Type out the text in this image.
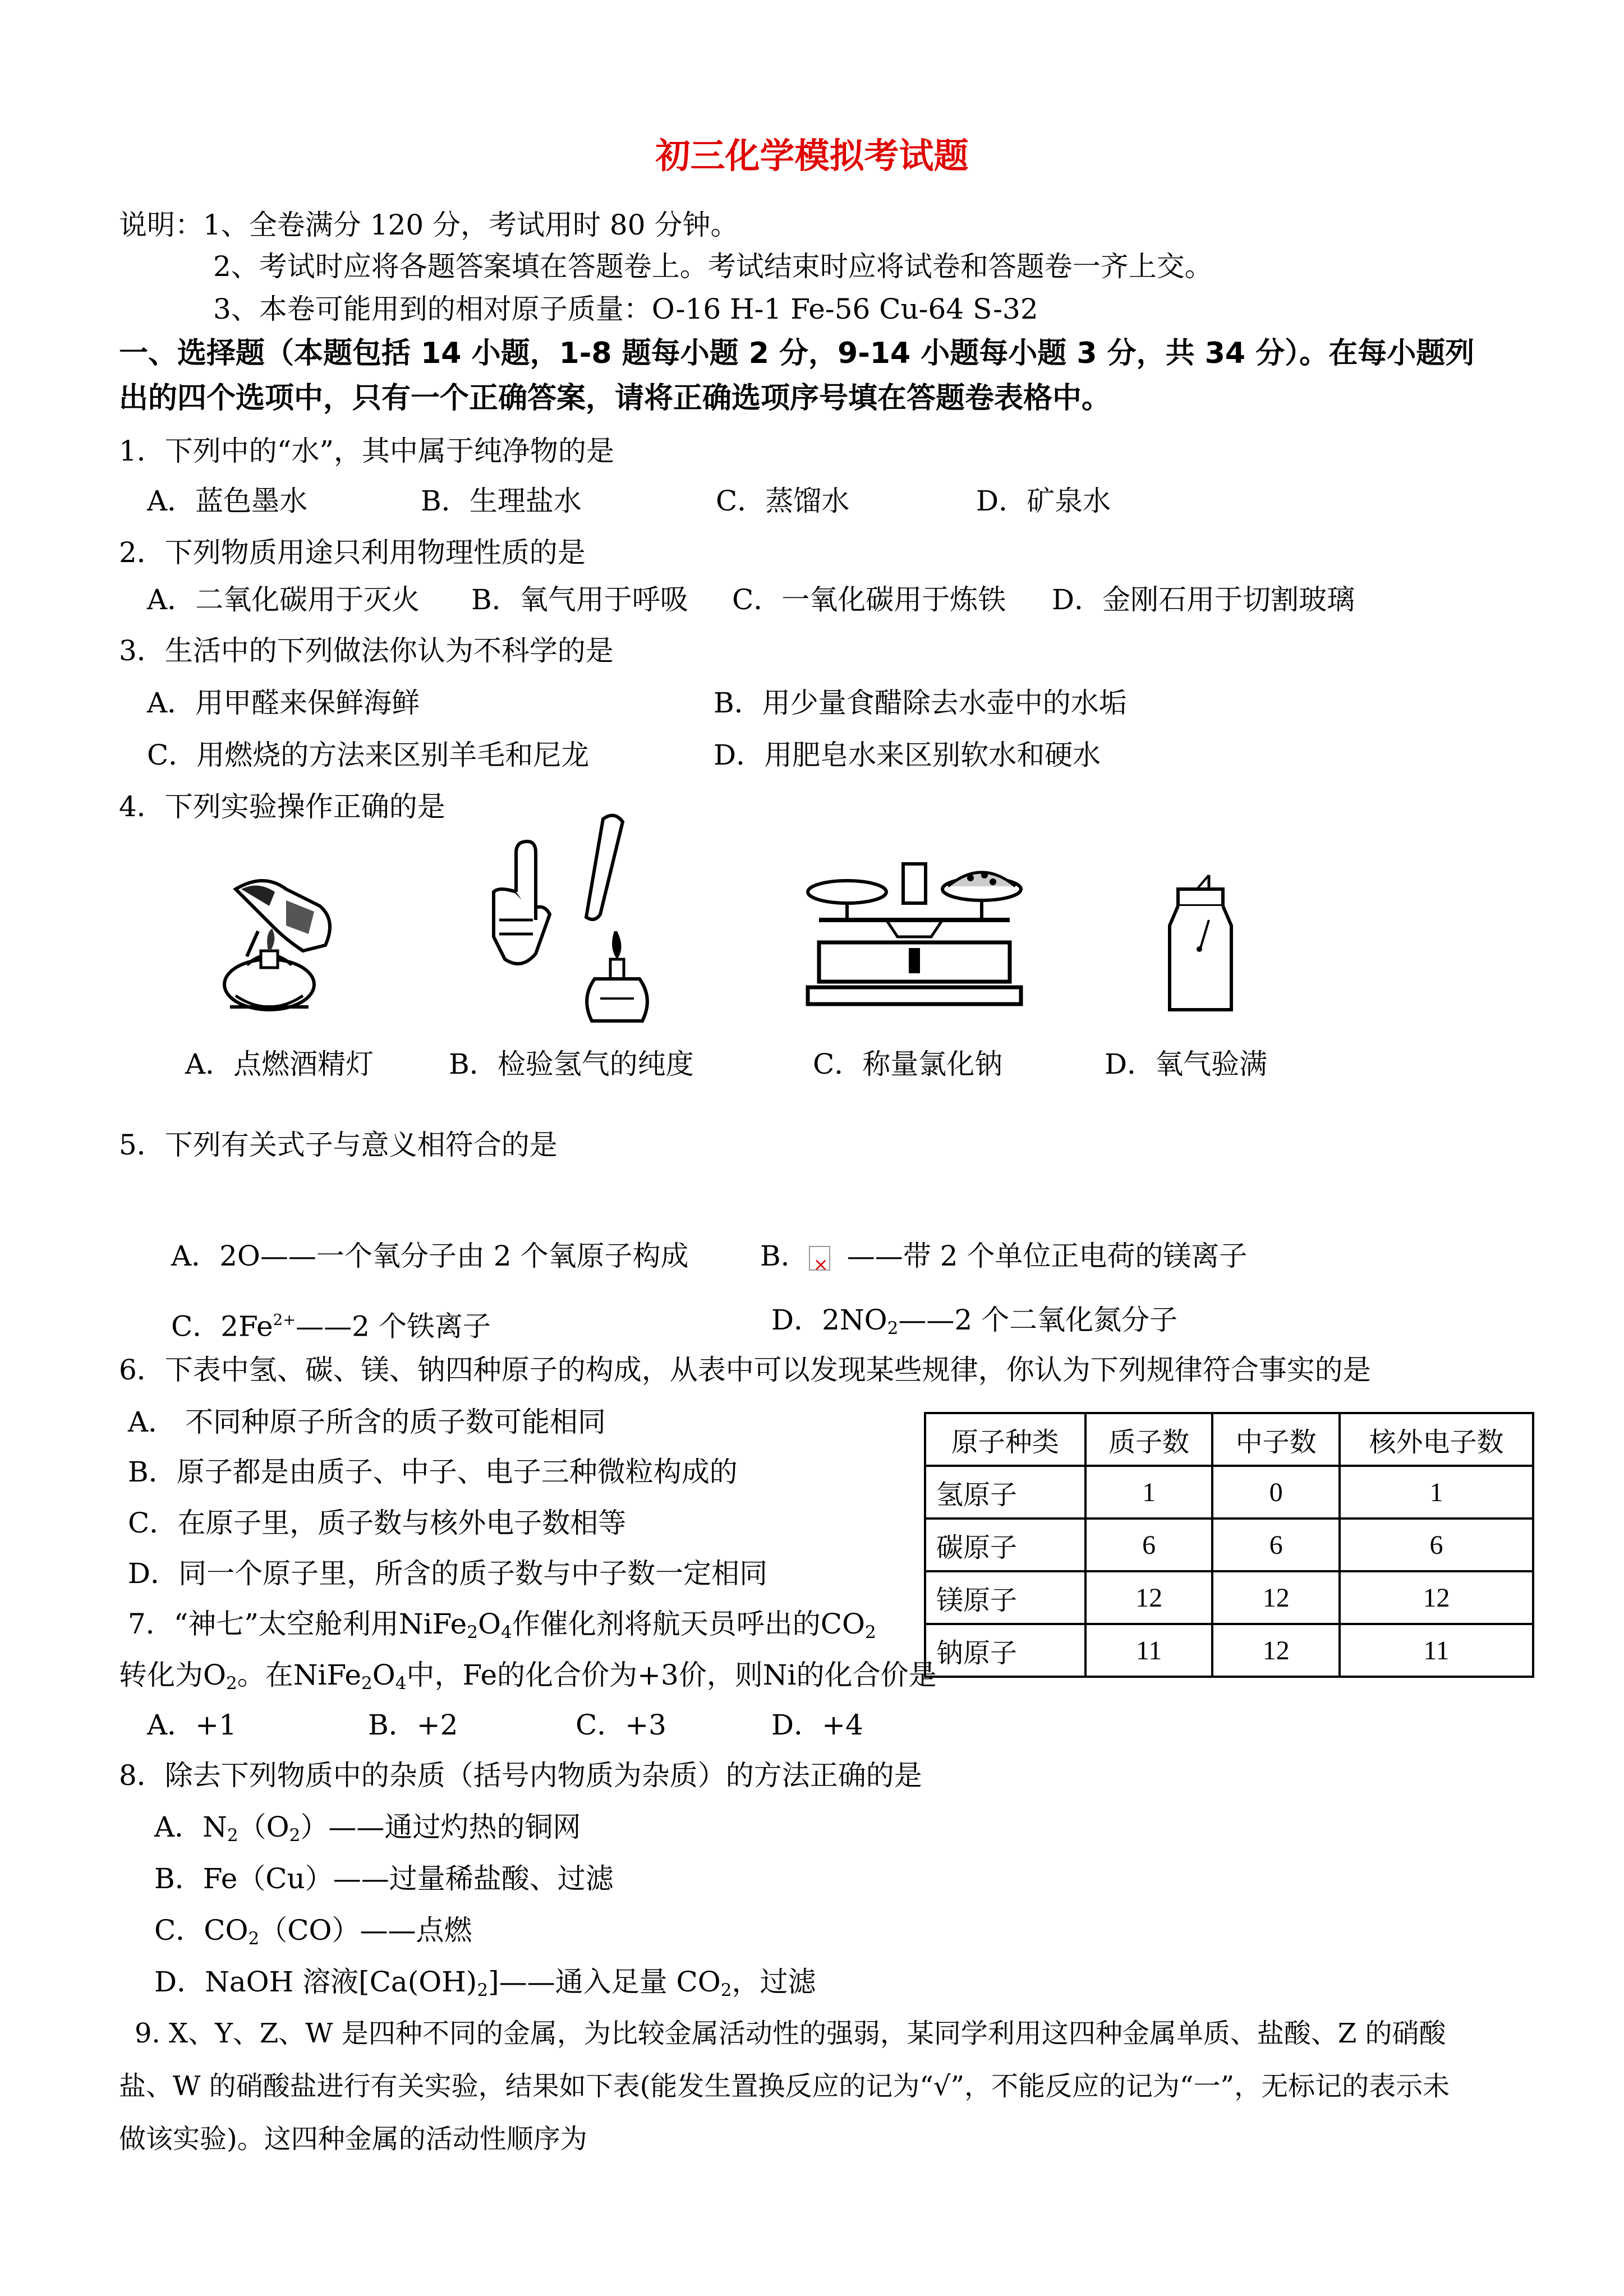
初三化学模拟考试题
说明：1、全卷满分 120 分，考试用时 80 分钟。
2、考试时应将各题答案填在答题卷上。考试结束时应将试卷和答题卷一齐上交。
3、本卷可能用到的相对原子质量：O-16 H-1 Fe-56 Cu-64 S-32
一、选择题（本题包括 14 小题，1-8 题每小题 2 分，9-14 小题每小题 3 分，共 34 分）。在每小题列
出的四个选项中，只有一个正确答案，请将正确选项序号填在答题卷表格中。
1．下列中的“水”，其中属于纯净物的是
A．蓝色墨水	B．生理盐水	C．蒸馏水	D．矿泉水
2．下列物质用途只利用物理性质的是
A．二氧化碳用于灭火 B．氧气用于呼吸 C．一氧化碳用于炼铁 D．金刚石用于切割玻璃
3．生活中的下列做法你认为不科学的是
A．用甲醛来保鲜海鲜	B．用少量食醋除去水壶中的水垢
C．用燃烧的方法来区别羊毛和尼龙	D．用肥皂水来区别软水和硬水
4．下列实验操作正确的是
A．点燃酒精灯	B．检验氢气的纯度	C．称量氯化钠	D．氧气验满
5．下列有关式子与意义相符合的是
A．2O——一个氧分子由 2 个氧原子构成	B． × ——带 2 个单位正电荷的镁离子
C．$2Fe^{2+}——2$ 个铁离子	D．$2NO_2——2$ 个二氧化氮分子
6．下表中氢、碳、镁、钠四种原子的构成，从表中可以发现某些规律，你认为下列规律符合事实的是
A． 不同种原子所含的质子数可能相同
B．原子都是由质子、中子、电子三种微粒构成的
C．在原子里，质子数与核外电子数相等
D．同一个原子里，所含的质子数与中子数一定相同
原子种类	质子数	中子数	核外电子数
氢原子	1	0	1
碳原子	6	6	6
镁原子	12	12	12
钠原子	11	12	11
7．“神七”太空舱利用$NiFe_2O_4$作催化剂将航天员呼出的$CO_2$
转化为$O_2$。在$NiFe_2O_4$中，Fe的化合价为+3价，则Ni的化合价是
A．+1	B．+2	C．+3	D．+4
8．除去下列物质中的杂质（括号内物质为杂质）的方法正确的是
A．$N_2(O_2)——$通过灼热的铜网
B．Fe（Cu）——过量稀盐酸、过滤
C．$CO_2(CO)——$点燃
D．NaOH 溶液$[Ca(OH)_2]——$通入足量 $CO_2$，过滤
9. X、Y、Z、W 是四种不同的金属，为比较金属活动性的强弱，某同学利用这四种金属单质、盐酸、Z 的硝酸
盐、W 的硝酸盐进行有关实验，结果如下表(能发生置换反应的记为“√”，不能反应的记为“一”，无标记的表示未
做该实验)。这四种金属的活动性顺序为
